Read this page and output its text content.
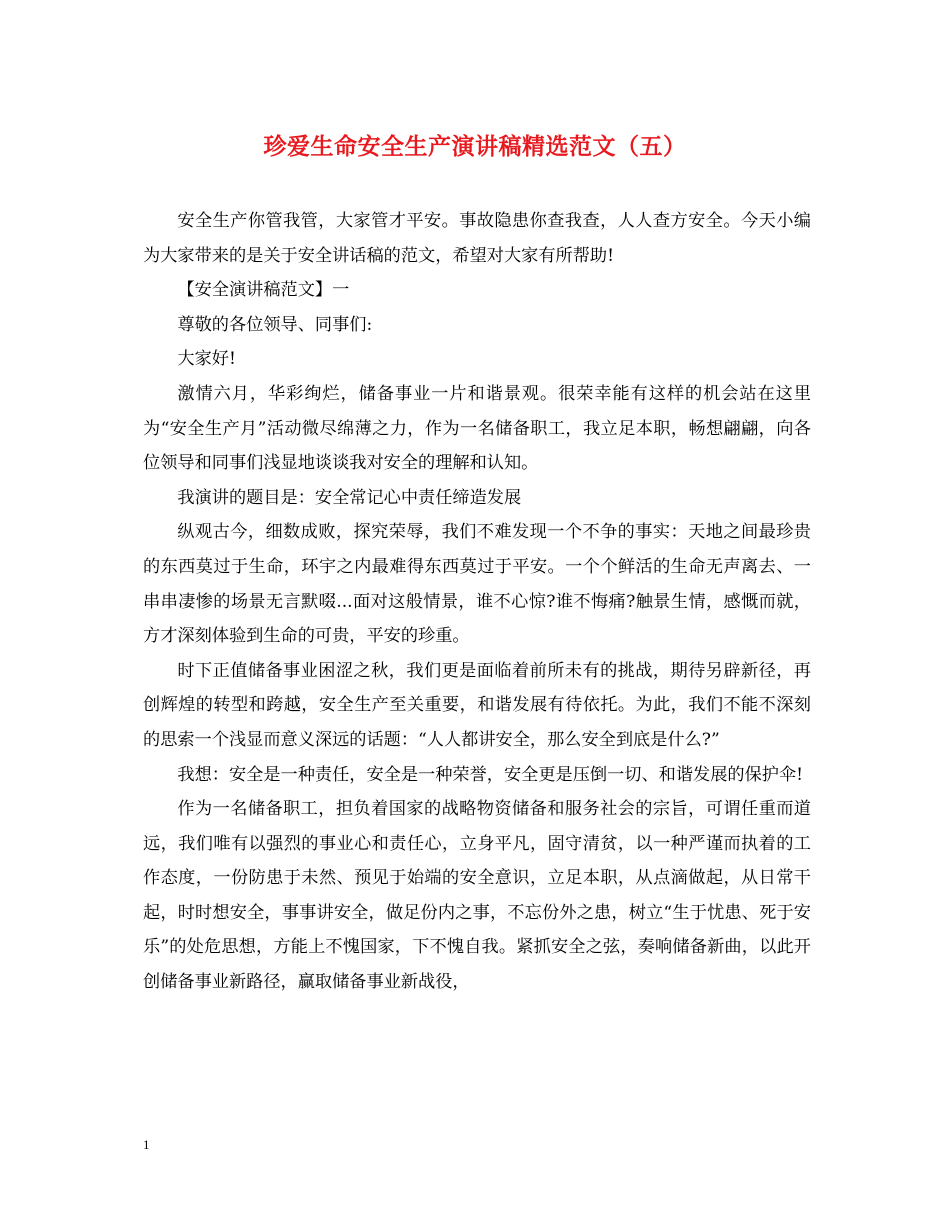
珍爱生命安全生产演讲稿精选范文（五）

安全生产你管我管，大家管才平安。事故隐患你查我查，人人查方安全。今天小编为大家带来的是关于安全讲话稿的范文，希望对大家有所帮助!

【安全演讲稿范文】一

尊敬的各位领导、同事们:

大家好!

激情六月，华彩绚烂，储备事业一片和谐景观。很荣幸能有这样的机会站在这里为“安全生产月”活动微尽绵薄之力，作为一名储备职工，我立足本职，畅想翩翩，向各位领导和同事们浅显地谈谈我对安全的理解和认知。

我演讲的题目是：安全常记心中责任缔造发展

纵观古今，细数成败，探究荣辱，我们不难发现一个不争的事实：天地之间最珍贵的东西莫过于生命，环宇之内最难得东西莫过于平安。一个个鲜活的生命无声离去、一串串凄惨的场景无言默啜...面对这般情景，谁不心惊?谁不悔痛?触景生情，感慨而就，方才深刻体验到生命的可贵，平安的珍重。

时下正值储备事业困涩之秋，我们更是面临着前所未有的挑战，期待另辟新径，再创辉煌的转型和跨越，安全生产至关重要，和谐发展有待依托。为此，我们不能不深刻的思索一个浅显而意义深远的话题：“人人都讲安全，那么安全到底是什么?”

我想：安全是一种责任，安全是一种荣誉，安全更是压倒一切、和谐发展的保护伞!

作为一名储备职工，担负着国家的战略物资储备和服务社会的宗旨，可谓任重而道远，我们唯有以强烈的事业心和责任心，立身平凡，固守清贫，以一种严谨而执着的工作态度，一份防患于未然、预见于始端的安全意识，立足本职，从点滴做起，从日常干起，时时想安全，事事讲安全，做足份内之事，不忘份外之患，树立“生于忧患、死于安乐”的处危思想，方能上不愧国家，下不愧自我。紧抓安全之弦，奏响储备新曲，以此开创储备事业新路径，赢取储备事业新战役，

1
